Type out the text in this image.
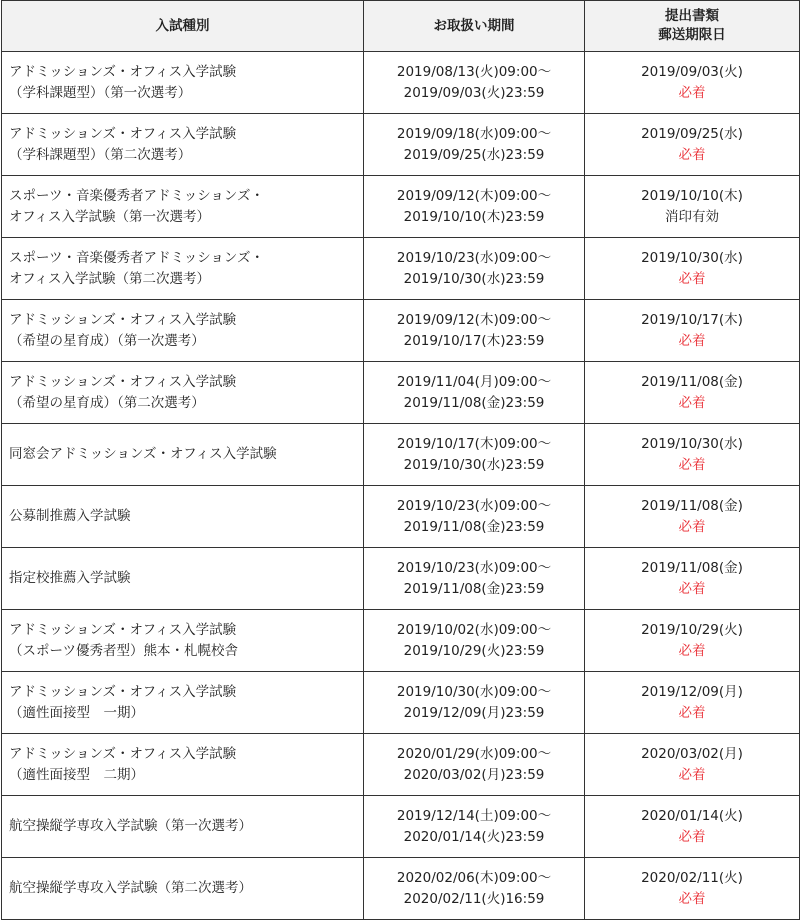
入試種別	お取扱い期間	提出書類
郵送期限日

アドミッションズ・オフィス入学試験
（学科課題型）（第一次選考）	2019/08/13(火)09:00～
2019/09/03(火)23:59	2019/09/03(火)
必着

アドミッションズ・オフィス入学試験
（学科課題型）（第二次選考）	2019/09/18(水)09:00～
2019/09/25(水)23:59	2019/09/25(水)
必着

スポーツ・音楽優秀者アドミッションズ・
オフィス入学試験（第一次選考）	2019/09/12(木)09:00～
2019/10/10(木)23:59	2019/10/10(木)
消印有効

スポーツ・音楽優秀者アドミッションズ・
オフィス入学試験（第二次選考）	2019/10/23(水)09:00～
2019/10/30(水)23:59	2019/10/30(水)
必着

アドミッションズ・オフィス入学試験
（希望の星育成）（第一次選考）	2019/09/12(木)09:00～
2019/10/17(木)23:59	2019/10/17(木)
必着

アドミッションズ・オフィス入学試験
（希望の星育成）（第二次選考）	2019/11/04(月)09:00～
2019/11/08(金)23:59	2019/11/08(金)
必着

同窓会アドミッションズ・オフィス入学試験	2019/10/17(木)09:00～
2019/10/30(水)23:59	2019/10/30(水)
必着

公募制推薦入学試験	2019/10/23(水)09:00～
2019/11/08(金)23:59	2019/11/08(金)
必着

指定校推薦入学試験	2019/10/23(水)09:00～
2019/11/08(金)23:59	2019/11/08(金)
必着

アドミッションズ・オフィス入学試験
（スポーツ優秀者型）熊本・札幌校舎	2019/10/02(水)09:00～
2019/10/29(火)23:59	2019/10/29(火)
必着

アドミッションズ・オフィス入学試験
（適性面接型　一期）	2019/10/30(水)09:00～
2019/12/09(月)23:59	2019/12/09(月)
必着

アドミッションズ・オフィス入学試験
（適性面接型　二期）	2020/01/29(水)09:00～
2020/03/02(月)23:59	2020/03/02(月)
必着

航空操縦学専攻入学試験（第一次選考）	2019/12/14(土)09:00～
2020/01/14(火)23:59	2020/01/14(火)
必着

航空操縦学専攻入学試験（第二次選考）	2020/02/06(木)09:00～
2020/02/11(火)16:59	2020/02/11(火)
必着
